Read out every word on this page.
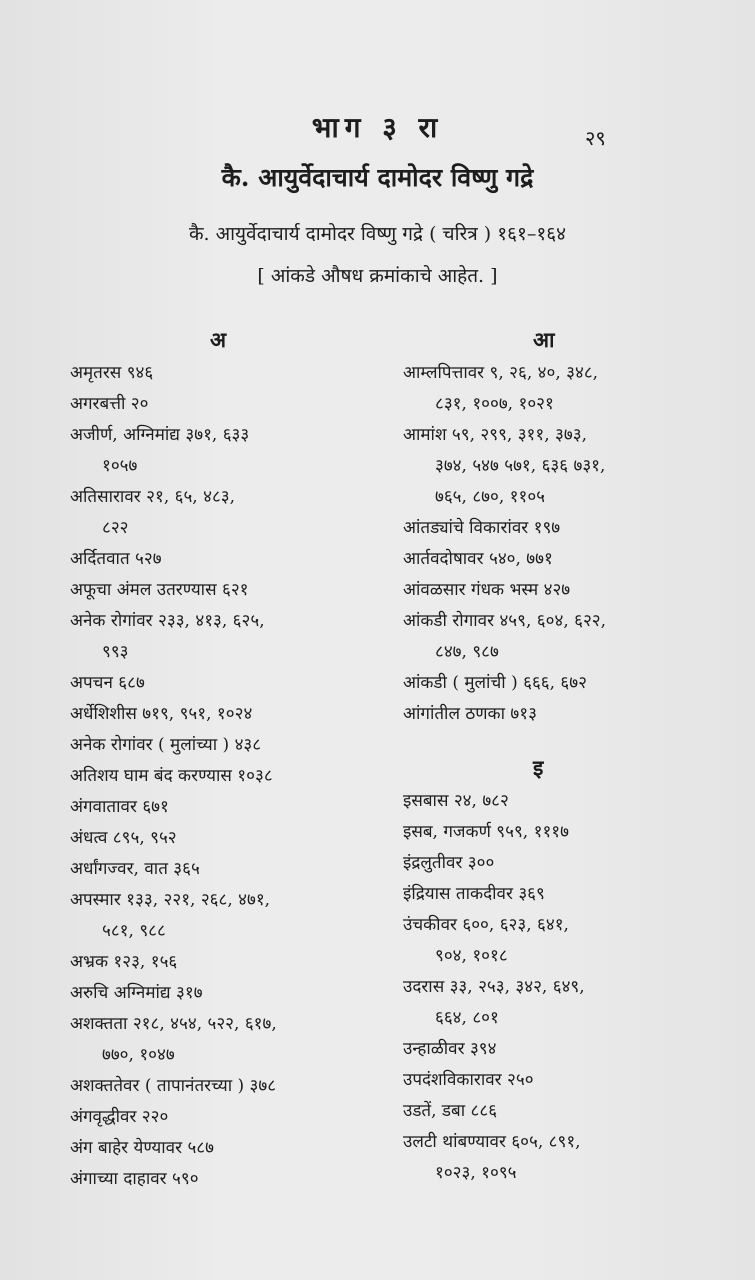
भाग ३ रा	२९
कै. आयुर्वेदाचार्य दामोदर विष्णु गद्रे
कै. आयुर्वेदाचार्य दामोदर विष्णु गद्रे ( चरित्र ) १६१–१६४
[ आंकडे औषध क्रमांकाचे आहेत. ]
अ
अमृतरस ९४६
अगरबत्ती २०
अजीर्ण, अग्निमांद्य ३७१, ६३३
१०५७
अतिसारावर २१, ६५, ४८३,
८२२
अर्दितवात ५२७
अफूचा अंमल उतरण्यास ६२१
अनेक रोगांवर २३३, ४१३, ६२५,
९९३
अपचन ६८७
अर्धेशिशीस ७१९, ९५१, १०२४
अनेक रोगांवर ( मुलांच्या ) ४३८
अतिशय घाम बंद करण्यास १०३८
अंगवातावर ६७१
अंधत्व ८९५, ९५२
अर्धांगज्वर, वात ३६५
अपस्मार १३३, २२१, २६८, ४७१,
५८१, ९८८
अभ्रक १२३, १५६
अरुचि अग्निमांद्य ३१७
अशक्तता २१८, ४५४, ५२२, ६१७,
७७०, १०४७
अशक्ततेवर ( तापानंतरच्या ) ३७८
अंगवृद्धीवर २२०
अंग बाहेर येण्यावर ५८७
अंगाच्या दाहावर ५९०
आ
आम्लपित्तावर ९, २६, ४०, ३४८,
८३१, १००७, १०२१
आमांश ५९, २९९, ३११, ३७३,
३७४, ५४७ ५७१, ६३६ ७३१,
७६५, ८७०, ११०५
आंतड्यांचे विकारांवर १९७
आर्तवदोषावर ५४०, ७७१
आंवळसार गंधक भस्म ४२७
आंकडी रोगावर ४५९, ६०४, ६२२,
८४७, ९८७
आंकडी ( मुलांची ) ६६६, ६७२
आंगांतील ठणका ७१३
इ
इसबास २४, ७८२
इसब, गजकर्ण ९५९, १११७
इंद्रलुतीवर ३००
इंद्रियास ताकदीवर ३६९
उंचकीवर ६००, ६२३, ६४१,
९०४, १०१८
उदरास ३३, २५३, ३४२, ६४९,
६६४, ८०१
उन्हाळीवर ३९४
उपदंशविकारावर २५०
उडतें, डबा ८८६
उलटी थांबण्यावर ६०५, ८९१,
१०२३, १०९५
